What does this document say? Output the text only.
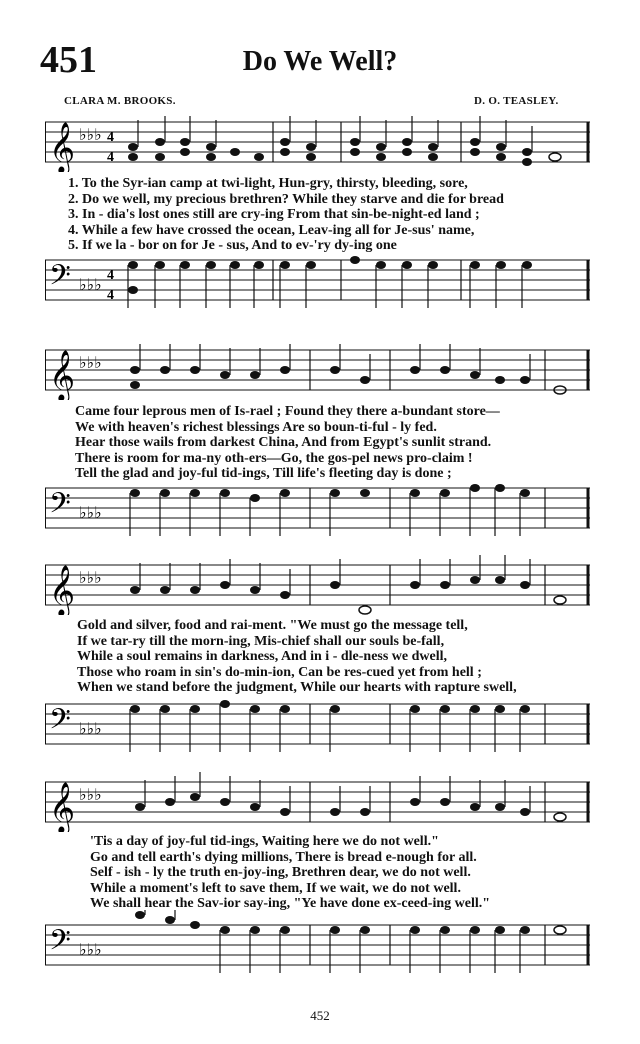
451	Do We Well?
CLARA M. BROOKS.	D. O. TEASLEY.
𝄞 ♭♭♭ 4
4
1. To the Syr-ian camp at twi-light, Hun-gry, thirsty, bleeding, sore,
2. Do we well, my precious brethren? While they starve and die for bread
3. In - dia's lost ones still are cry-ing From that sin-be-night-ed land ;
4. While a few have crossed the ocean, Leav-ing all for Je-sus' name,
5. If we la - bor on for Je - sus, And to ev-'ry dy-ing one
𝄢 ♭♭♭ 4
4
𝄞 ♭♭♭
Came four leprous men of Is-rael ; Found they there a-bundant store—
We with heaven's richest blessings Are so boun-ti-ful - ly fed.
Hear those wails from darkest China, And from Egypt's sunlit strand.
There is room for ma-ny oth-ers—Go, the gos-pel news pro-claim !
Tell the glad and joy-ful tid-ings, Till life's fleeting day is done ;
𝄢 ♭♭♭
𝄞 ♭♭♭
Gold and silver, food and rai-ment. "We must go the message tell,
If we tar-ry till the morn-ing, Mis-chief shall our souls be-fall,
While a soul remains in darkness, And in i - dle-ness we dwell,
Those who roam in sin's do-min-ion, Can be res-cued yet from hell ;
When we stand before the judgment, While our hearts with rapture swell,
𝄢 ♭♭♭
𝄞 ♭♭♭
'Tis a day of joy-ful tid-ings, Waiting here we do not well."
Go and tell earth's dying millions, There is bread e-nough for all.
Self - ish - ly the truth en-joy-ing, Brethren dear, we do not well.
While a moment's left to save them, If we wait, we do not well.
We shall hear the Sav-ior say-ing, "Ye have done ex-ceed-ing well."
𝄢 ♭♭♭
452
